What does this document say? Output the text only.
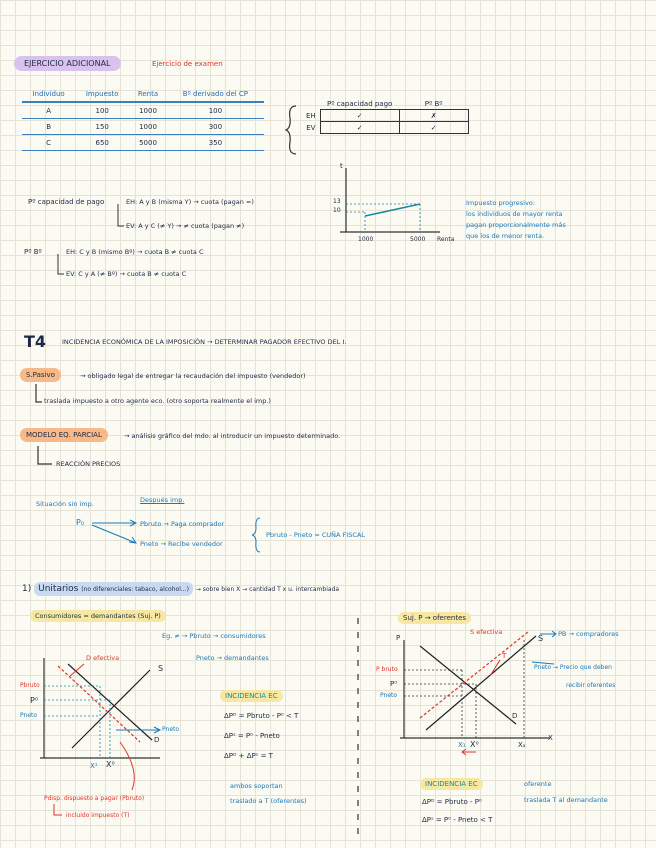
EJERCICIO ADICIONAL	Ejercicio de examen
Individuo	Impuesto	Renta	Bº derivado del CP
A	100	1000	100
B	150	1000	300
C	650	5000	350
	Pº capacidad pago	Pº Bº
EH	✓	✗
EV	✓	✓
Pº capacidad de pago	EH: A y B (misma Y) → cuota (pagan =)
EV: A y C (≠ Y) → ≠ cuota (pagan ≠)
Pº Bº	EH: C y B (mismo Bº) → cuota B ≠ cuota C
EV: C y A (≠ Bº) → cuota B ≠ cuota C
t
13
10
1000	5000 Renta
Impuesto progresivo:
los individuos de mayor renta
pagan proporcionalmente más
que los de menor renta.
T4 INCIDENCIA ECONÓMICA DE LA IMPOSICIÓN → DETERMINAR PAGADOR EFECTIVO DEL I.
S.Pasivo	→ obligado legal de entregar la recaudación del impuesto (vendedor)
traslada impuesto a otro agente eco. (otro soporta realmente el imp.)
MODELO EQ. PARCIAL	→ análisis gráfico del mdo. al introducir un impuesto determinado.
REACCIÓN PRECIOS
Situación sin imp.	Después imp.
P₀	Pbruto → Paga comprador
Pneto → Recibe vendedor
Pbruto - Pneto = CUÑA FISCAL
1) Unitarios (no diferenciales: tabaco, alcohol...) → sobre bien X → cantidad T x u. intercambiada
Consumidores = demandantes (Suj. P)
Eg. ≠ → Pbruto → consumidores
Pneto → demandantes
D efectiva
S
D
Pbruto
P⁰
Pneto
X¹ X⁰
Pneto
INCIDENCIA EC
ΔPᴰ = Pbruto - P⁰ < T
ΔPˢ = P⁰ - Pneto
ΔPᴰ + ΔPˢ = T
ambos soportan
traslado a T (oferentes)
Pdisp. dispuesto a pagar (Pbruto)
incluido impuesto (T)
Suj. P → oferentes
S efectiva
S
D
P
P bruto
P⁰
Pneto
X₁ X⁰	Xₐ
X
T
PB → compradores
Pneto → Precio que deben
recibir oferentes
INCIDENCIA EC	oferente
traslada T al demandante
ΔPᴰ = Pbruto - P⁰
ΔPˢ = P⁰ - Pneto < T
